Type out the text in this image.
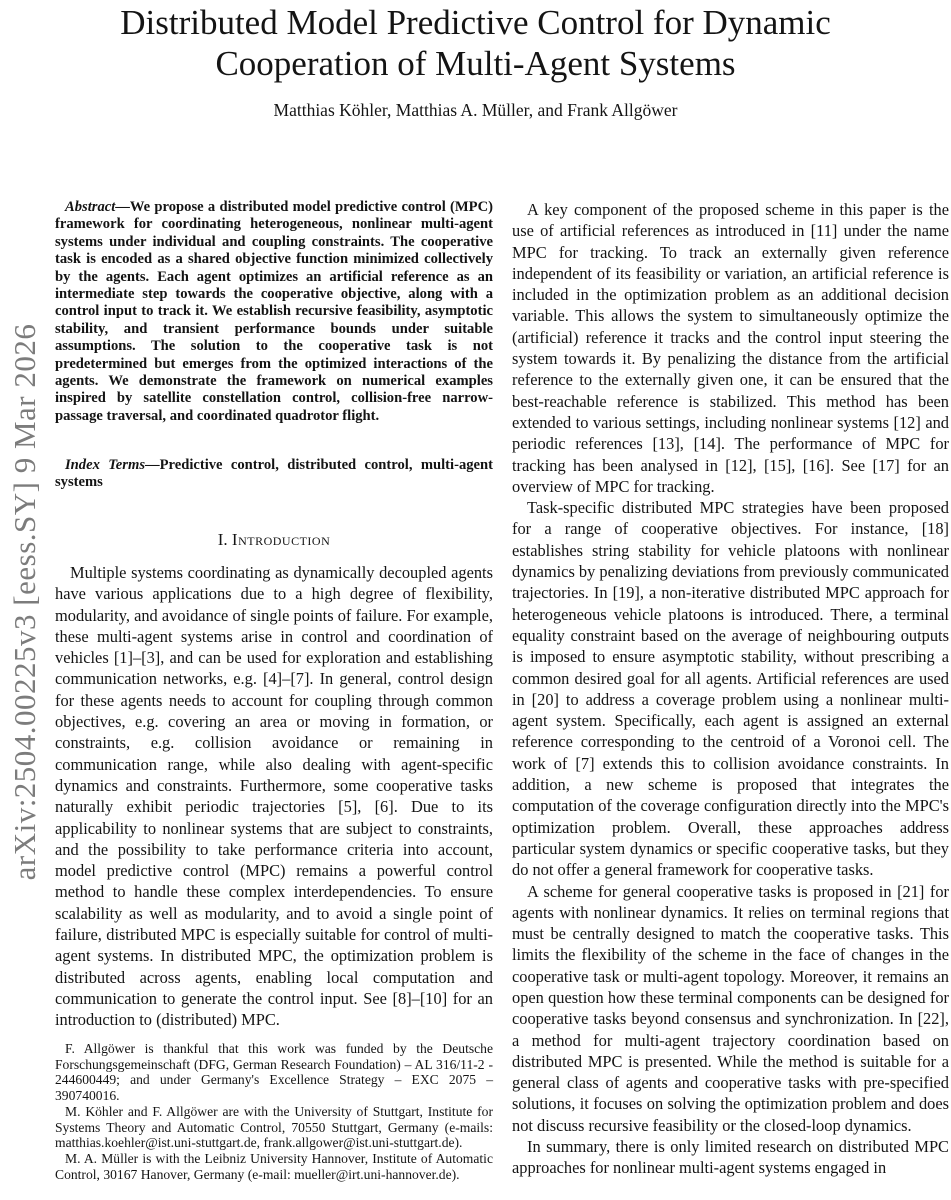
arXiv:2504.00225v3 [eess.SY] 9 Mar 2026
Distributed Model Predictive Control for Dynamic
Cooperation of Multi-Agent Systems
Matthias Köhler, Matthias A. Müller, and Frank Allgöwer

Abstract—We propose a distributed model predictive control (MPC) framework for coordinating heterogeneous, nonlinear multi-agent systems under individual and coupling constraints. The cooperative task is encoded as a shared objective function minimized collectively by the agents. Each agent optimizes an artificial reference as an intermediate step towards the cooperative objective, along with a control input to track it. We establish recursive feasibility, asymptotic stability, and transient performance bounds under suitable assumptions. The solution to the cooperative task is not predetermined but emerges from the optimized interactions of the agents. We demonstrate the framework on numerical examples inspired by satellite constellation control, collision-free narrow-passage traversal, and coordinated quadrotor flight.

Index Terms—Predictive control, distributed control, multi-agent systems

I. Introduction

Multiple systems coordinating as dynamically decoupled agents have various applications due to a high degree of flexibility, modularity, and avoidance of single points of failure. For example, these multi-agent systems arise in control and coordination of vehicles [1]–[3], and can be used for exploration and establishing communication networks, e.g. [4]–[7]. In general, control design for these agents needs to account for coupling through common objectives, e.g. covering an area or moving in formation, or constraints, e.g. collision avoidance or remaining in communication range, while also dealing with agent-specific dynamics and constraints. Furthermore, some cooperative tasks naturally exhibit periodic trajectories [5], [6]. Due to its applicability to nonlinear systems that are subject to constraints, and the possibility to take performance criteria into account, model predictive control (MPC) remains a powerful control method to handle these complex interdependencies. To ensure scalability as well as modularity, and to avoid a single point of failure, distributed MPC is especially suitable for control of multi-agent systems. In distributed MPC, the optimization problem is distributed across agents, enabling local computation and communication to generate the control input. See [8]–[10] for an introduction to (distributed) MPC.

A key component of the proposed scheme in this paper is the use of artificial references as introduced in [11] under the name MPC for tracking. To track an externally given reference independent of its feasibility or variation, an artificial reference is included in the optimization problem as an additional decision variable. This allows the system to simultaneously optimize the (artificial) reference it tracks and the control input steering the system towards it. By penalizing the distance from the artificial reference to the externally given one, it can be ensured that the best-reachable reference is stabilized. This method has been extended to various settings, including nonlinear systems [12] and periodic references [13], [14]. The performance of MPC for tracking has been analysed in [12], [15], [16]. See [17] for an overview of MPC for tracking.

Task-specific distributed MPC strategies have been proposed for a range of cooperative objectives. For instance, [18] establishes string stability for vehicle platoons with nonlinear dynamics by penalizing deviations from previously communicated trajectories. In [19], a non-iterative distributed MPC approach for heterogeneous vehicle platoons is introduced. There, a terminal equality constraint based on the average of neighbouring outputs is imposed to ensure asymptotic stability, without prescribing a common desired goal for all agents. Artificial references are used in [20] to address a coverage problem using a nonlinear multi-agent system. Specifically, each agent is assigned an external reference corresponding to the centroid of a Voronoi cell. The work of [7] extends this to collision avoidance constraints. In addition, a new scheme is proposed that integrates the computation of the coverage configuration directly into the MPC's optimization problem. Overall, these approaches address particular system dynamics or specific cooperative tasks, but they do not offer a general framework for cooperative tasks.

A scheme for general cooperative tasks is proposed in [21] for agents with nonlinear dynamics. It relies on terminal regions that must be centrally designed to match the cooperative tasks. This limits the flexibility of the scheme in the face of changes in the cooperative task or multi-agent topology. Moreover, it remains an open question how these terminal components can be designed for cooperative tasks beyond consensus and synchronization. In [22], a method for multi-agent trajectory coordination based on distributed MPC is presented. While the method is suitable for a general class of agents and cooperative tasks with pre-specified solutions, it focuses on solving the optimization problem and does not discuss recursive feasibility or the closed-loop dynamics.

In summary, there is only limited research on distributed MPC approaches for nonlinear multi-agent systems engaged in

F. Allgöwer is thankful that this work was funded by the Deutsche Forschungsgemeinschaft (DFG, German Research Foundation) – AL 316/11-2 - 244600449; and under Germany's Excellence Strategy – EXC 2075 – 390740016.

M. Köhler and F. Allgöwer are with the University of Stuttgart, Institute for Systems Theory and Automatic Control, 70550 Stuttgart, Germany (e-mails: matthias.koehler@ist.uni-stuttgart.de, frank.allgower@ist.uni-stuttgart.de).

M. A. Müller is with the Leibniz University Hannover, Institute of Automatic Control, 30167 Hanover, Germany (e-mail: mueller@irt.uni-hannover.de).
